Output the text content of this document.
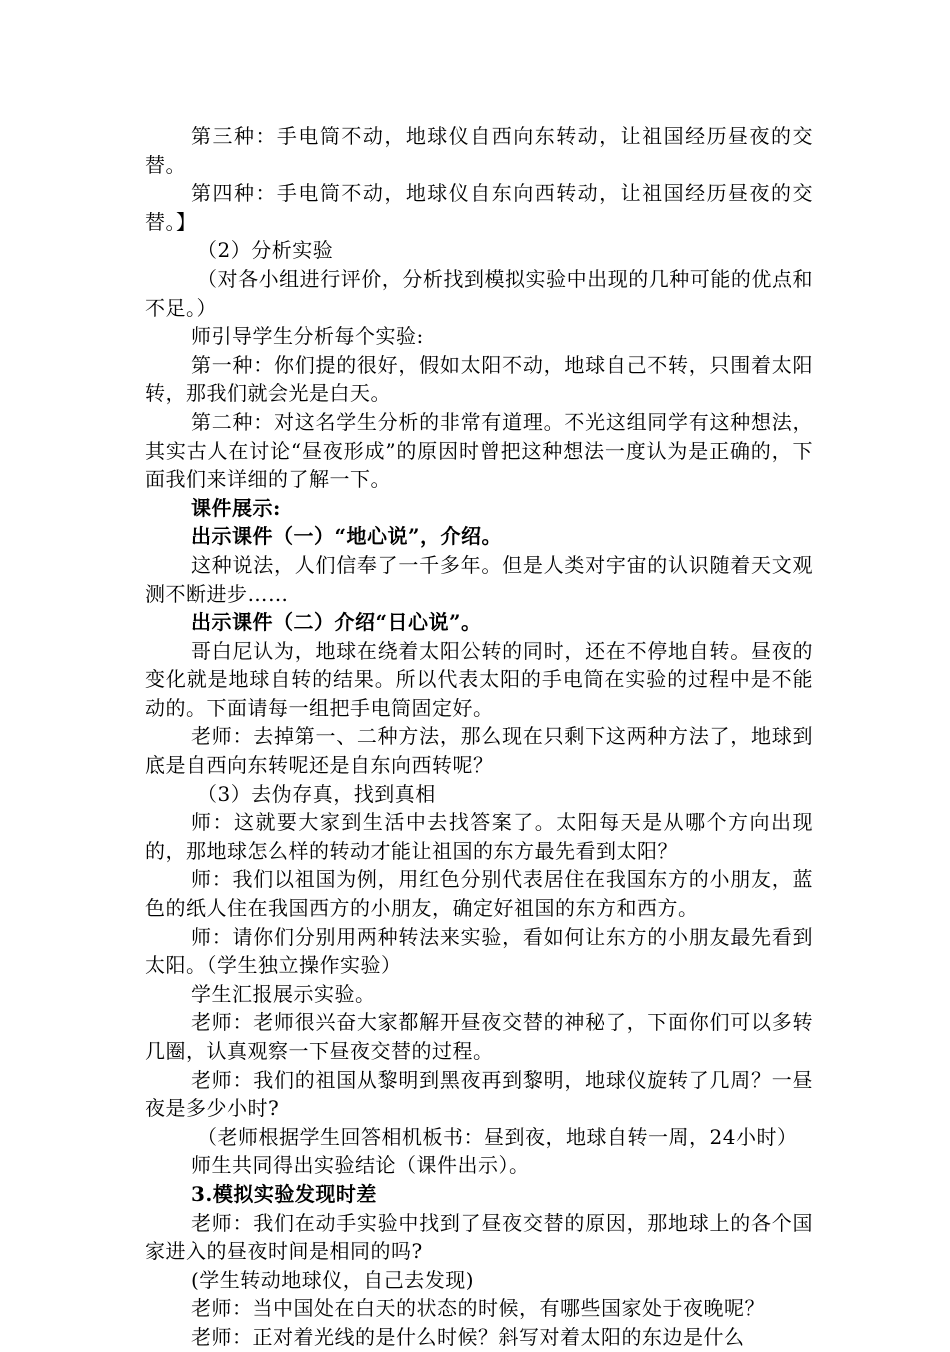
第三种：手电筒不动，地球仪自西向东转动，让祖国经历昼夜的交替。

第四种：手电筒不动，地球仪自东向西转动，让祖国经历昼夜的交替。】

（2）分析实验

（对各小组进行评价，分析找到模拟实验中出现的几种可能的优点和不足。）

师引导学生分析每个实验:

第一种：你们提的很好，假如太阳不动，地球自己不转，只围着太阳转，那我们就会光是白天。

第二种：对这名学生分析的非常有道理。不光这组同学有这种想法，其实古人在讨论“昼夜形成”的原因时曾把这种想法一度认为是正确的，下面我们来详细的了解一下。

课件展示:

出示课件（一）“地心说”，介绍。

这种说法，人们信奉了一千多年。但是人类对宇宙的认识随着天文观测不断进步……

出示课件（二）介绍“日心说”。

哥白尼认为，地球在绕着太阳公转的同时，还在不停地自转。昼夜的变化就是地球自转的结果。所以代表太阳的手电筒在实验的过程中是不能动的。下面请每一组把手电筒固定好。

老师：去掉第一、二种方法，那么现在只剩下这两种方法了，地球到底是自西向东转呢还是自东向西转呢？

（3）去伪存真，找到真相

师：这就要大家到生活中去找答案了。太阳每天是从哪个方向出现的，那地球怎么样的转动才能让祖国的东方最先看到太阳？

师：我们以祖国为例，用红色分别代表居住在我国东方的小朋友，蓝色的纸人住在我国西方的小朋友，确定好祖国的东方和西方。

师：请你们分别用两种转法来实验，看如何让东方的小朋友最先看到太阳。（学生独立操作实验）

学生汇报展示实验。

老师：老师很兴奋大家都解开昼夜交替的神秘了，下面你们可以多转几圈，认真观察一下昼夜交替的过程。

老师：我们的祖国从黎明到黑夜再到黎明，地球仪旋转了几周？一昼夜是多少小时?

（老师根据学生回答相机板书：昼到夜，地球自转一周，24小时）

师生共同得出实验结论（课件出示）。

3.模拟实验发现时差

老师：我们在动手实验中找到了昼夜交替的原因，那地球上的各个国家进入的昼夜时间是相同的吗?

(学生转动地球仪，自己去发现)

老师：当中国处在白天的状态的时候，有哪些国家处于夜晚呢？

老师：正对着光线的是什么时候？斜写对着太阳的东边是什么
